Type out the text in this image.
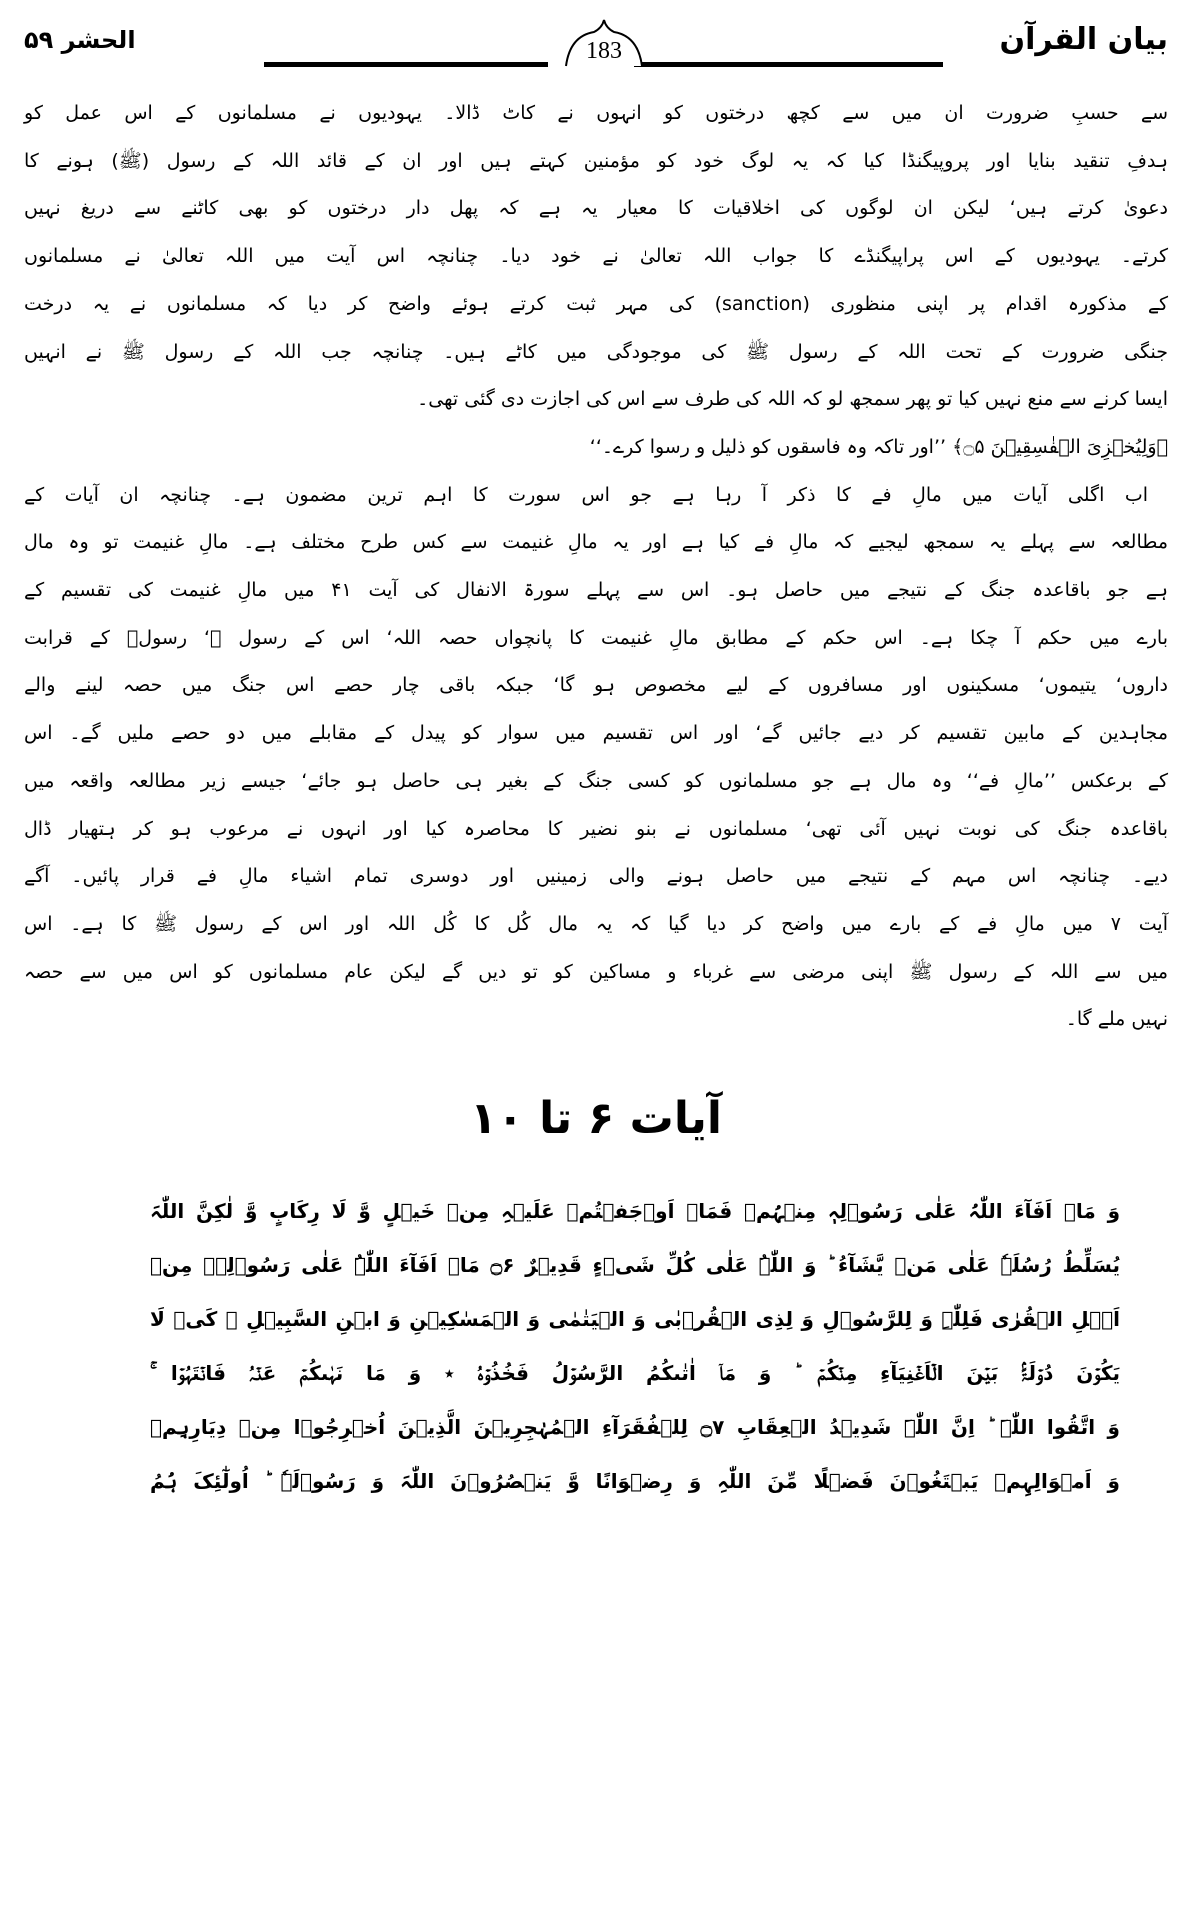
بیان القرآن
183
الحشر ۵۹
سے حسبِ ضرورت ان میں سے کچھ درختوں کو انہوں نے کاٹ ڈالا۔ یہودیوں نے مسلمانوں کے اس عمل کو
ہدفِ تنقید بنایا اور پروپیگنڈا کیا کہ یہ لوگ خود کو مؤمنین کہتے ہیں اور ان کے قائد اللہ کے رسول (ﷺ) ہونے کا
دعویٰ کرتے ہیں‘ لیکن ان لوگوں کی اخلاقیات کا معیار یہ ہے کہ پھل دار درختوں کو بھی کاٹنے سے دریغ نہیں
کرتے۔ یہودیوں کے اس پراپیگنڈے کا جواب اللہ تعالیٰ نے خود دیا۔ چنانچہ اس آیت میں اللہ تعالیٰ نے مسلمانوں
کے مذکورہ اقدام پر اپنی منظوری (sanction) کی مہر ثبت کرتے ہوئے واضح کر دیا کہ مسلمانوں نے یہ درخت
جنگی ضرورت کے تحت اللہ کے رسول ﷺ کی موجودگی میں کاٹے ہیں۔ چنانچہ جب اللہ کے رسول ﷺ نے انہیں
ایسا کرنے سے منع نہیں کیا تو پھر سمجھ لو کہ اللہ کی طرف سے اس کی اجازت دی گئی تھی۔
﴿وَلِیُخۡزِیَ الۡفٰسِقِیۡنَ ۝۵﴾ ’’اور تاکہ وہ فاسقوں کو ذلیل و رسوا کرے۔‘‘
اب اگلی آیات میں مالِ فے کا ذکر آ رہا ہے جو اس سورت کا اہم ترین مضمون ہے۔ چنانچہ ان آیات کے
مطالعہ سے پہلے یہ سمجھ لیجیے کہ مالِ فے کیا ہے اور یہ مالِ غنیمت سے کس طرح مختلف ہے۔ مالِ غنیمت تو وہ مال
ہے جو باقاعدہ جنگ کے نتیجے میں حاصل ہو۔ اس سے پہلے سورۃ الانفال کی آیت ۴۱ میں مالِ غنیمت کی تقسیم کے
بارے میں حکم آ چکا ہے۔ اس حکم کے مطابق مالِ غنیمت کا پانچواں حصہ اللہ‘ اس کے رسول ﷺ‘ رسولؐ کے قرابت
داروں‘ یتیموں‘ مسکینوں اور مسافروں کے لیے مخصوص ہو گا‘ جبکہ باقی چار حصے اس جنگ میں حصہ لینے والے
مجاہدین کے مابین تقسیم کر دیے جائیں گے‘ اور اس تقسیم میں سوار کو پیدل کے مقابلے میں دو حصے ملیں گے۔ اس
کے برعکس ’’مالِ فے‘‘ وہ مال ہے جو مسلمانوں کو کسی جنگ کے بغیر ہی حاصل ہو جائے‘ جیسے زیر مطالعہ واقعہ میں
باقاعدہ جنگ کی نوبت نہیں آئی تھی‘ مسلمانوں نے بنو نضیر کا محاصرہ کیا اور انہوں نے مرعوب ہو کر ہتھیار ڈال
دیے۔ چنانچہ اس مہم کے نتیجے میں حاصل ہونے والی زمینیں اور دوسری تمام اشیاء مالِ فے قرار پائیں۔ آگے
آیت ۷ میں مالِ فے کے بارے میں واضح کر دیا گیا کہ یہ مال کُل کا کُل اللہ اور اس کے رسول ﷺ کا ہے۔ اس
میں سے اللہ کے رسول ﷺ اپنی مرضی سے غرباء و مساکین کو تو دیں گے لیکن عام مسلمانوں کو اس میں سے حصہ
نہیں ملے گا۔
آیات ۶ تا ۱۰
وَ مَاۤ اَفَآءَ اللّٰہُ عَلٰی رَسُوۡلِہٖ مِنۡہُمۡ فَمَاۤ اَوۡجَفۡتُمۡ عَلَیۡہِ مِنۡ خَیۡلٍ وَّ لَا رِکَابٍ وَّ لٰکِنَّ اللّٰہَ
یُسَلِّطُ رُسُلَہٗ عَلٰی مَنۡ یَّشَآءُ ؕ وَ اللّٰہُ عَلٰی کُلِّ شَیۡءٍ قَدِیۡرٌ ۝۶ مَاۤ اَفَآءَ اللّٰہُ عَلٰی رَسُوۡلِہٖ مِنۡ
اَہۡلِ الۡقُرٰی فَلِلّٰہِ وَ لِلرَّسُوۡلِ وَ لِذِی الۡقُرۡبٰی وَ الۡیَتٰمٰی وَ الۡمَسٰکِیۡنِ وَ ابۡنِ السَّبِیۡلِ ۙ کَیۡ لَا
یَکُوۡنَ دُوۡلَۃًۢ بَیۡنَ الۡاَغۡنِیَآءِ مِنۡکُمۡ ؕ وَ مَاۤ اٰتٰىکُمُ الرَّسُوۡلُ فَخُذُوۡہُ ٭ وَ مَا نَہٰىکُمۡ عَنۡہُ فَانۡتَہُوۡا ۚ
وَ اتَّقُوا اللّٰہَ ؕ اِنَّ اللّٰہَ شَدِیۡدُ الۡعِقَابِ ۝۷ لِلۡفُقَرَآءِ الۡمُہٰجِرِیۡنَ الَّذِیۡنَ اُخۡرِجُوۡا مِنۡ دِیَارِہِمۡ
وَ اَمۡوَالِہِمۡ یَبۡتَغُوۡنَ فَضۡلًا مِّنَ اللّٰہِ وَ رِضۡوَانًا وَّ یَنۡصُرُوۡنَ اللّٰہَ وَ رَسُوۡلَہٗ ؕ اُولٰٓئِکَ ہُمُ
